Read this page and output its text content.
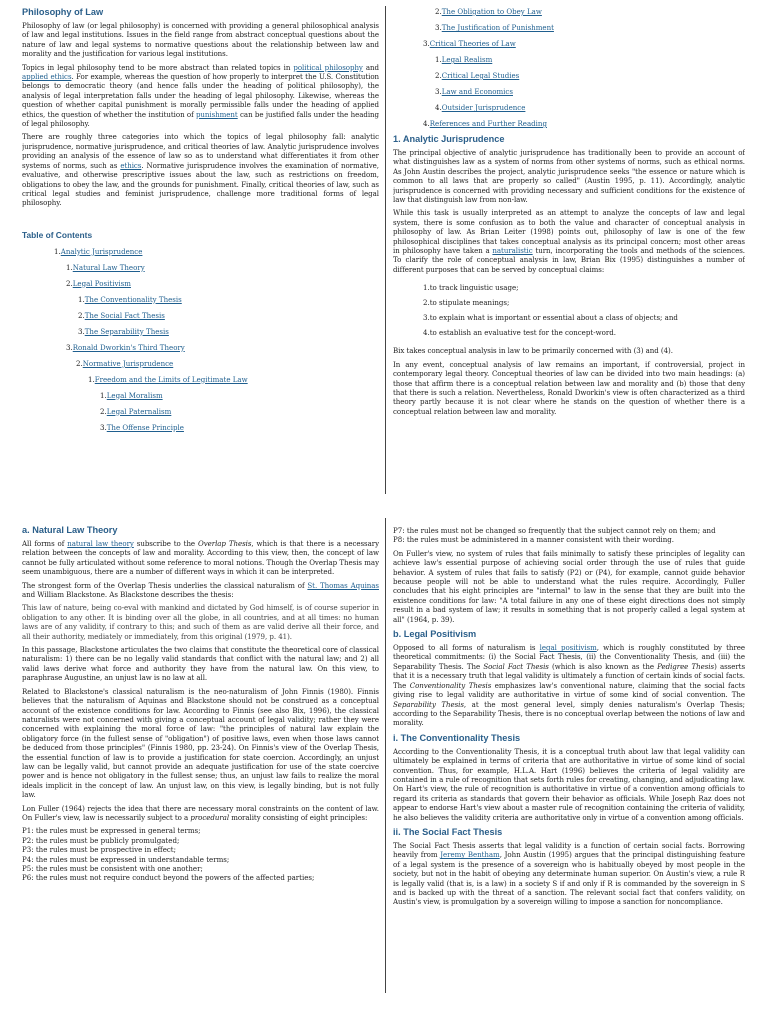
Philosophy of Law

Philosophy of law (or legal philosophy) is concerned with providing a general philosophical analysis of law and legal institutions. Issues in the field range from abstract conceptual questions about the nature of law and legal systems to normative questions about the relationship between law and morality and the justification for various legal institutions.

Topics in legal philosophy tend to be more abstract than related topics in political philosophy and applied ethics. For example, whereas the question of how properly to interpret the U.S. Constitution belongs to democratic theory (and hence falls under the heading of political philosophy), the analysis of legal interpretation falls under the heading of legal philosophy. Likewise, whereas the question of whether capital punishment is morally permissible falls under the heading of applied ethics, the question of whether the institution of punishment can be justified falls under the heading of legal philosophy.

There are roughly three categories into which the topics of legal philosophy fall: analytic jurisprudence, normative jurisprudence, and critical theories of law. Analytic jurisprudence involves providing an analysis of the essence of law so as to understand what differentiates it from other systems of norms, such as ethics. Normative jurisprudence involves the examination of normative, evaluative, and otherwise prescriptive issues about the law, such as restrictions on freedom, obligations to obey the law, and the grounds for punishment. Finally, critical theories of law, such as critical legal studies and feminist jurisprudence, challenge more traditional forms of legal philosophy.

Table of Contents
1.Analytic Jurisprudence
1.Natural Law Theory
2.Legal Positivism
1.The Conventionality Thesis
2.The Social Fact Thesis
3.The Separability Thesis
3.Ronald Dworkin's Third Theory
2.Normative Jurisprudence
1.Freedom and the Limits of Legitimate Law
1.Legal Moralism
2.Legal Paternalism
3.The Offense Principle
2.The Obligation to Obey Law
3.The Justification of Punishment
3.Critical Theories of Law
1.Legal Realism
2.Critical Legal Studies
3.Law and Economics
4.Outsider Jurisprudence
4.References and Further Reading
1. Analytic Jurisprudence

The principal objective of analytic jurisprudence has traditionally been to provide an account of what distinguishes law as a system of norms from other systems of norms, such as ethical norms. As John Austin describes the project, analytic jurisprudence seeks "the essence or nature which is common to all laws that are properly so called" (Austin 1995, p. 11). Accordingly, analytic jurisprudence is concerned with providing necessary and sufficient conditions for the existence of law that distinguish law from non-law.

While this task is usually interpreted as an attempt to analyze the concepts of law and legal system, there is some confusion as to both the value and character of conceptual analysis in philosophy of law. As Brian Leiter (1998) points out, philosophy of law is one of the few philosophical disciplines that takes conceptual analysis as its principal concern; most other areas in philosophy have taken a naturalistic turn, incorporating the tools and methods of the sciences. To clarify the role of conceptual analysis in law, Brian Bix (1995) distinguishes a number of different purposes that can be served by conceptual claims:

1.to track linguistic usage;
2.to stipulate meanings;
3.to explain what is important or essential about a class of objects; and
4.to establish an evaluative test for the concept-word.

Bix takes conceptual analysis in law to be primarily concerned with (3) and (4).

In any event, conceptual analysis of law remains an important, if controversial, project in contemporary legal theory. Conceptual theories of law can be divided into two main headings: (a) those that affirm there is a conceptual relation between law and morality and (b) those that deny that there is such a relation. Nevertheless, Ronald Dworkin's view is often characterized as a third theory partly because it is not clear where he stands on the question of whether there is a conceptual relation between law and morality.

a. Natural Law Theory

All forms of natural law theory subscribe to the Overlap Thesis, which is that there is a necessary relation between the concepts of law and morality. According to this view, then, the concept of law cannot be fully articulated without some reference to moral notions. Though the Overlap Thesis may seem unambiguous, there are a number of different ways in which it can be interpreted.

The strongest form of the Overlap Thesis underlies the classical naturalism of St. Thomas Aquinas and William Blackstone. As Blackstone describes the thesis:

This law of nature, being co-eval with mankind and dictated by God himself, is of course superior in obligation to any other. It is binding over all the globe, in all countries, and at all times: no human laws are of any validity, if contrary to this; and such of them as are valid derive all their force, and all their authority, mediately or immediately, from this original (1979, p. 41).

In this passage, Blackstone articulates the two claims that constitute the theoretical core of classical naturalism: 1) there can be no legally valid standards that conflict with the natural law; and 2) all valid laws derive what force and authority they have from the natural law. On this view, to paraphrase Augustine, an unjust law is no law at all.

Related to Blackstone's classical naturalism is the neo-naturalism of John Finnis (1980). Finnis believes that the naturalism of Aquinas and Blackstone should not be construed as a conceptual account of the existence conditions for law. According to Finnis (see also Bix, 1996), the classical naturalists were not concerned with giving a conceptual account of legal validity; rather they were concerned with explaining the moral force of law: "the principles of natural law explain the obligatory force (in the fullest sense of "obligation") of positive laws, even when those laws cannot be deduced from those principles" (Finnis 1980, pp. 23-24). On Finnis's view of the Overlap Thesis, the essential function of law is to provide a justification for state coercion. Accordingly, an unjust law can be legally valid, but cannot provide an adequate justification for use of the state coercive power and is hence not obligatory in the fullest sense; thus, an unjust law fails to realize the moral ideals implicit in the concept of law. An unjust law, on this view, is legally binding, but is not fully law.

Lon Fuller (1964) rejects the idea that there are necessary moral constraints on the content of law. On Fuller's view, law is necessarily subject to a procedural morality consisting of eight principles:

P1: the rules must be expressed in general terms;
P2: the rules must be publicly promulgated;
P3: the rules must be prospective in effect;
P4: the rules must be expressed in understandable terms;
P5: the rules must be consistent with one another;
P6: the rules must not require conduct beyond the powers of the affected parties;
P7: the rules must not be changed so frequently that the subject cannot rely on them; and
P8: the rules must be administered in a manner consistent with their wording.

On Fuller's view, no system of rules that fails minimally to satisfy these principles of legality can achieve law's essential purpose of achieving social order through the use of rules that guide behavior. A system of rules that fails to satisfy (P2) or (P4), for example, cannot guide behavior because people will not be able to understand what the rules require. Accordingly, Fuller concludes that his eight principles are "internal" to law in the sense that they are built into the existence conditions for law: "A total failure in any one of these eight directions does not simply result in a bad system of law; it results in something that is not properly called a legal system at all" (1964, p. 39).

b. Legal Positivism

Opposed to all forms of naturalism is legal positivism, which is roughly constituted by three theoretical commitments: (i) the Social Fact Thesis, (ii) the Conventionality Thesis, and (iii) the Separability Thesis. The Social Fact Thesis (which is also known as the Pedigree Thesis) asserts that it is a necessary truth that legal validity is ultimately a function of certain kinds of social facts. The Conventionality Thesis emphasizes law's conventional nature, claiming that the social facts giving rise to legal validity are authoritative in virtue of some kind of social convention. The Separability Thesis, at the most general level, simply denies naturalism's Overlap Thesis; according to the Separability Thesis, there is no conceptual overlap between the notions of law and morality.

i. The Conventionality Thesis

According to the Conventionality Thesis, it is a conceptual truth about law that legal validity can ultimately be explained in terms of criteria that are authoritative in virtue of some kind of social convention. Thus, for example, H.L.A. Hart (1996) believes the criteria of legal validity are contained in a rule of recognition that sets forth rules for creating, changing, and adjudicating law. On Hart's view, the rule of recognition is authoritative in virtue of a convention among officials to regard its criteria as standards that govern their behavior as officials. While Joseph Raz does not appear to endorse Hart's view about a master rule of recognition containing the criteria of validity, he also believes the validity criteria are authoritative only in virtue of a convention among officials.

ii. The Social Fact Thesis

The Social Fact Thesis asserts that legal validity is a function of certain social facts. Borrowing heavily from Jeremy Bentham, John Austin (1995) argues that the principal distinguishing feature of a legal system is the presence of a sovereign who is habitually obeyed by most people in the society, but not in the habit of obeying any determinate human superior. On Austin's view, a rule R is legally valid (that is, is a law) in a society S if and only if R is commanded by the sovereign in S and is backed up with the threat of a sanction. The relevant social fact that confers validity, on Austin's view, is promulgation by a sovereign willing to impose a sanction for noncompliance.
